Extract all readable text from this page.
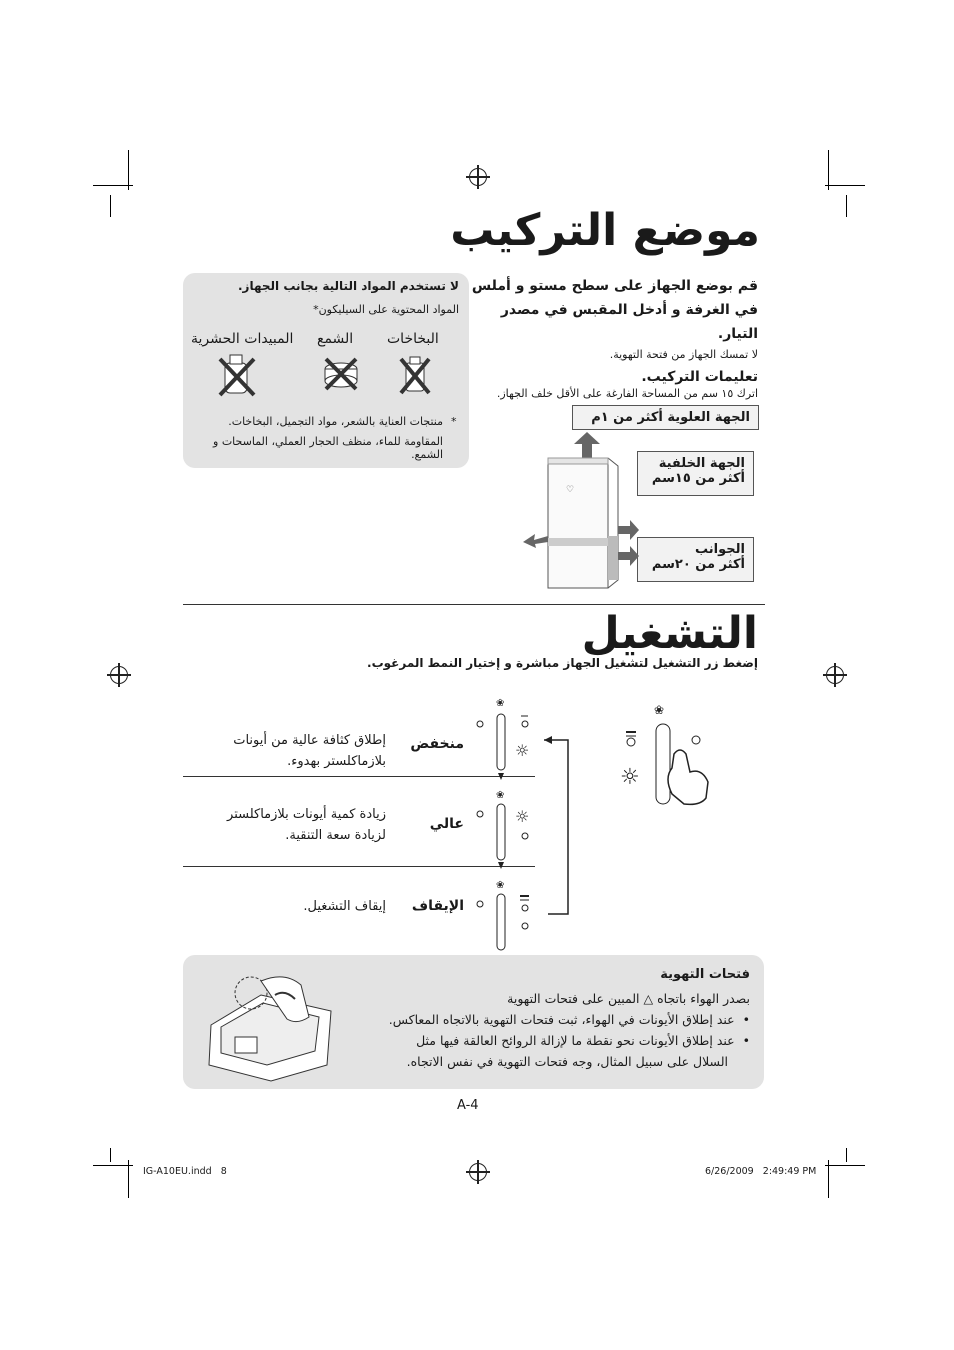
موضع التركيب
قم بوضع الجهاز على سطح مستو و أملس في الغرفة و أدخل المقبس في مصدر التيار.
لا تمسك الجهاز من فتحة التهوية.
تعليمات التركيب.
اترك ١٥ سم من المساحة الفارغة على الأقل خلف الجهاز.
لا تستخدم المواد التالية بجانب الجهاز.
المواد المحتوية على السيليكون*
البخاخات
الشمع
المبيدات الحشرية
*
منتجات العناية بالشعر، مواد التجميل، البخاخات.
المقاومة للماء، منظف الحجار العملي، الماسحات و الشمع.
الجهة العلوية أكثر من ١م
الجهة الخلفية
أكثر من ١٥سم
الجوانب
أكثر من ٢٠سم
♡
التشغيل
إضغط زر التشغيل لتشغيل الجهاز مباشرة و إختيار النمط المرغوب.
❀
☼
❀
☼
❀
☼
❀
منخفض
إطلاق كثافة عالية من أيونات
بلازماكلستر بهدوء.
عالي
زيادة كمية أيونات بلازماكلستر
لزيادة سعة التنقية.
الإيقاف
إيقاف التشغيل.
فتحات التهوية
بصدر الهواء باتجاه △ المبين على فتحات التهوية
•عند إطلاق الأيونات في الهواء، ثبت فتحات التهوية بالاتجاه المعاكس.
•عند إطلاق الأيونات نحو نقطة ما لإزالة الروائح العالقة فيها مثل
السلال على سبيل المثال، وجه فتحات التهوية في نفس الاتجاه.
A-4
IG-A10EU.indd   8	6/26/2009   2:49:49 PM
